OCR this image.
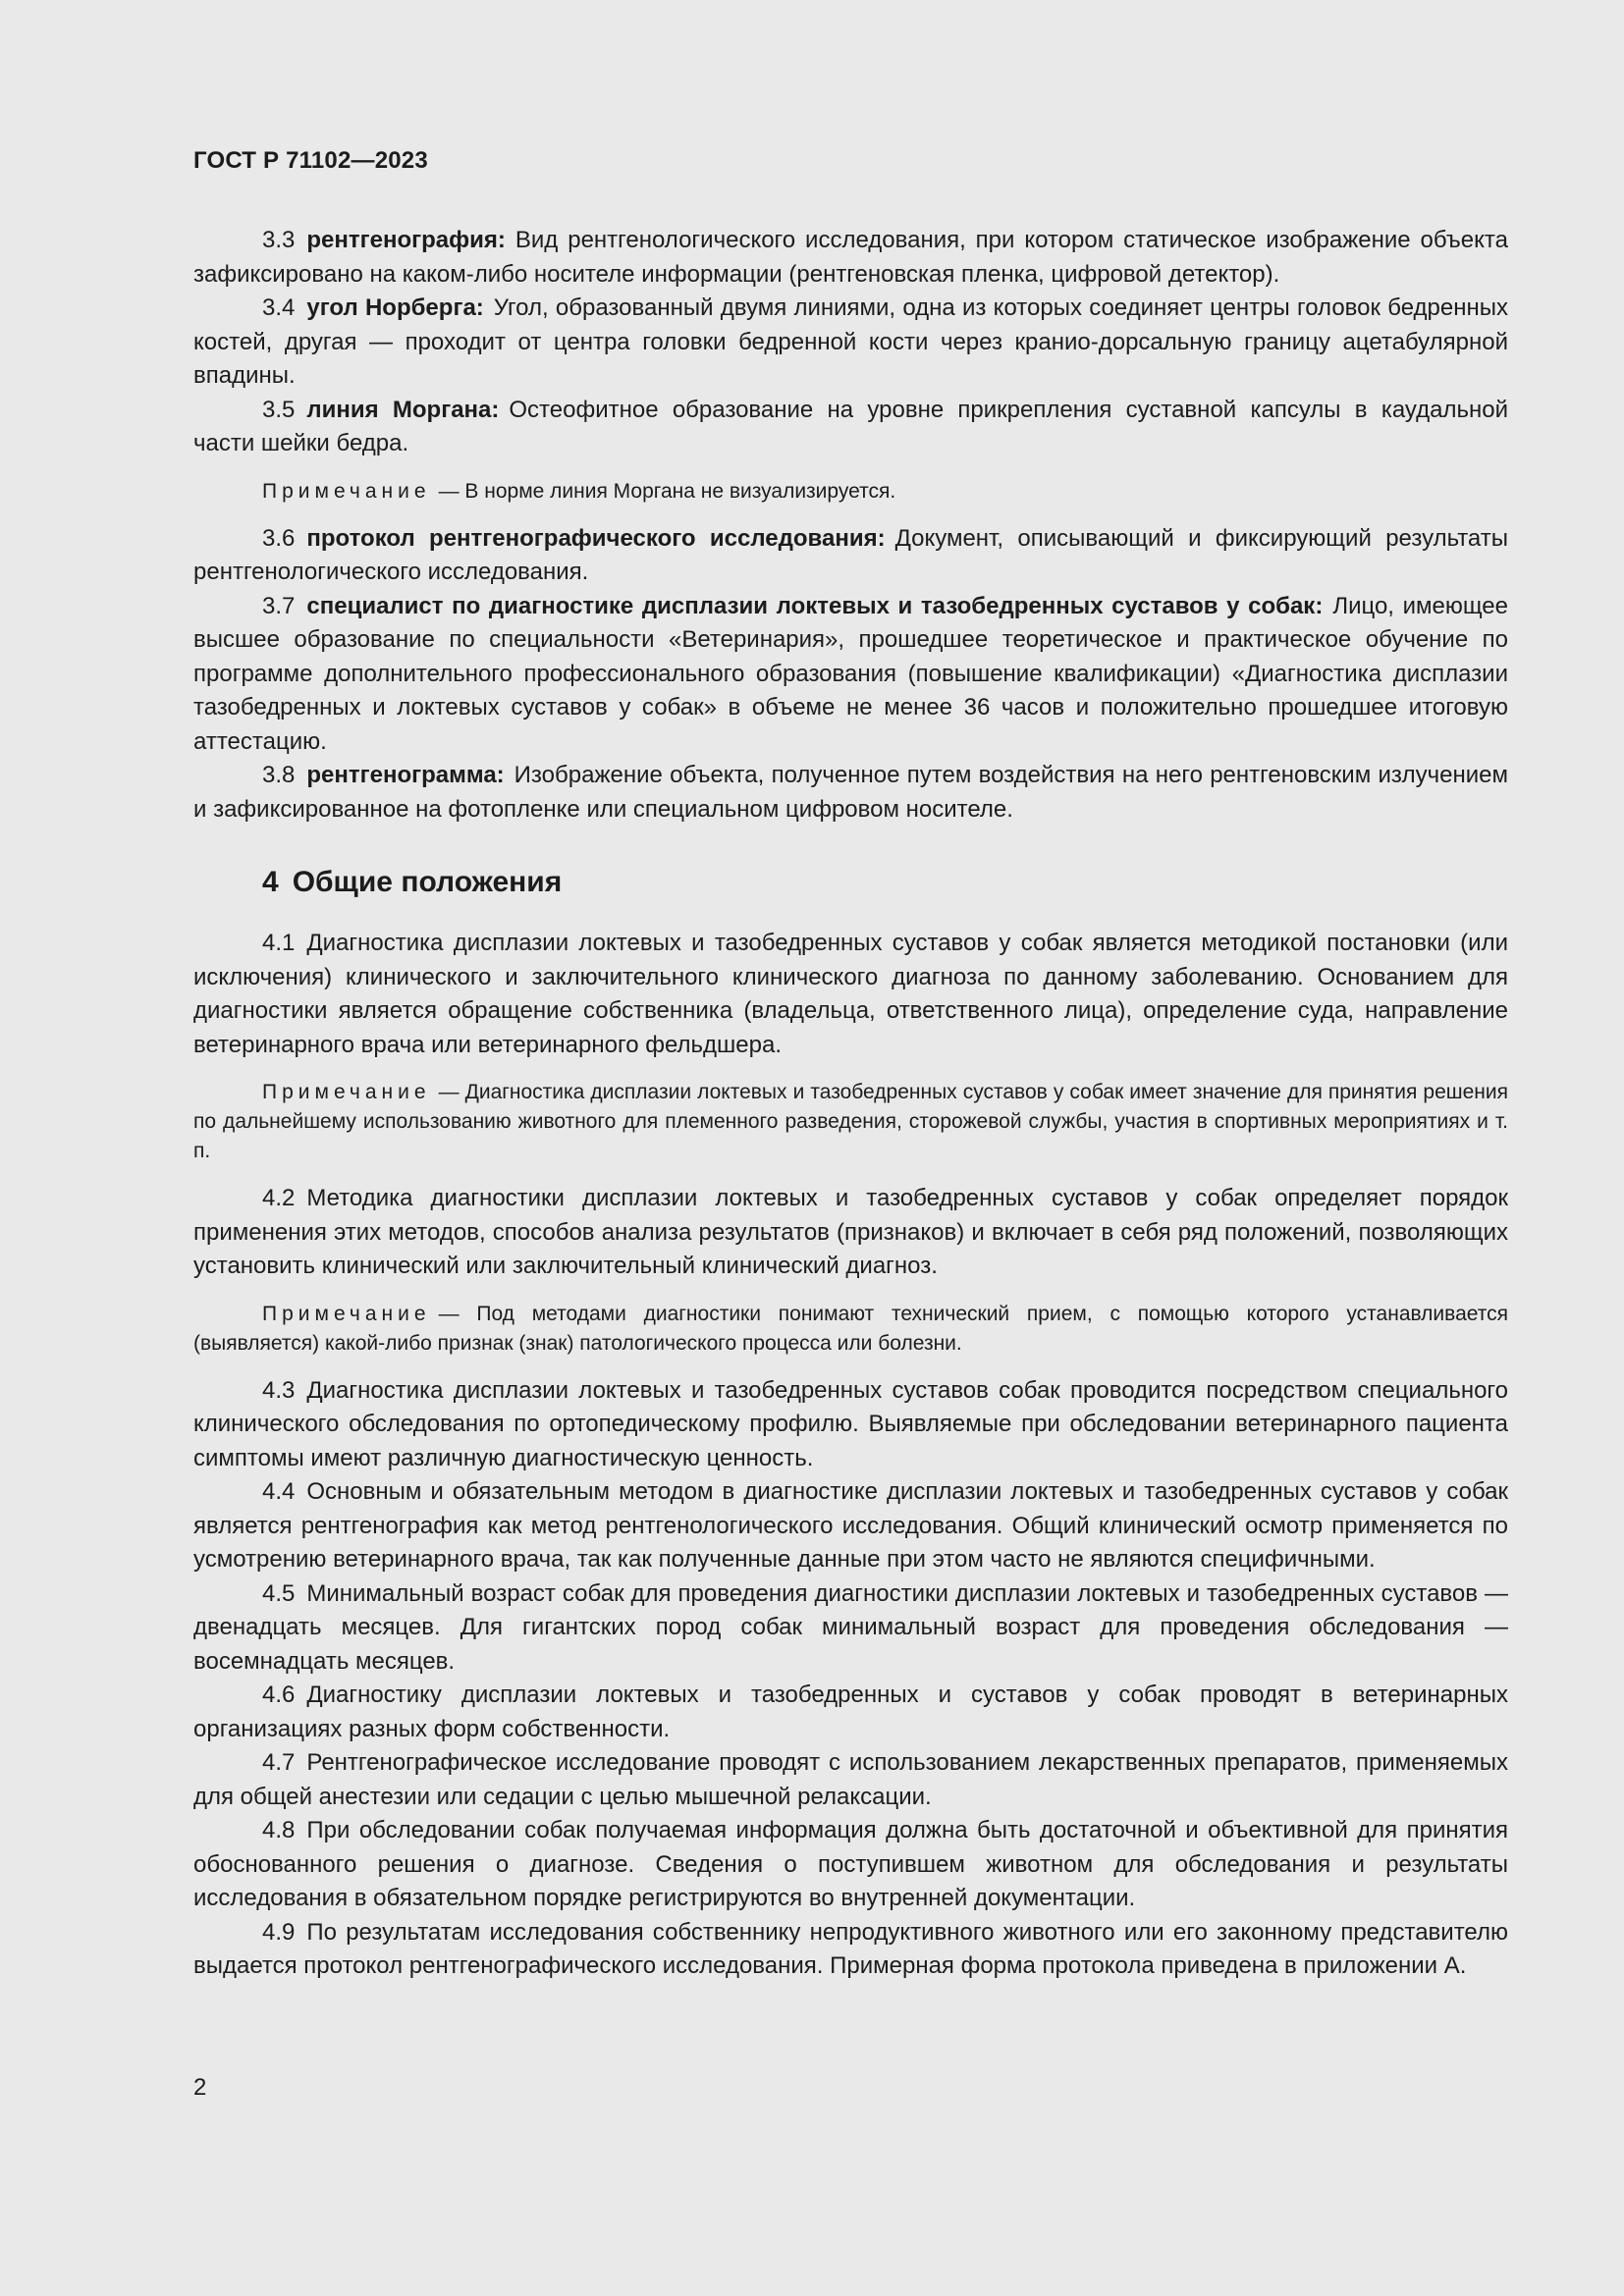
ГОСТ Р 71102—2023

3.3 рентгенография: Вид рентгенологического исследования, при котором статическое изображение объекта зафиксировано на каком-либо носителе информации (рентгеновская пленка, цифровой детектор).

3.4 угол Норберга: Угол, образованный двумя линиями, одна из которых соединяет центры головок бедренных костей, другая — проходит от центра головки бедренной кости через кранио-дорсальную границу ацетабулярной впадины.

3.5 линия Моргана: Остеофитное образование на уровне прикрепления суставной капсулы в каудальной части шейки бедра.

Примечание — В норме линия Моргана не визуализируется.

3.6 протокол рентгенографического исследования: Документ, описывающий и фиксирующий результаты рентгенологического исследования.

3.7 специалист по диагностике дисплазии локтевых и тазобедренных суставов у собак: Лицо, имеющее высшее образование по специальности «Ветеринария», прошедшее теоретическое и практическое обучение по программе дополнительного профессионального образования (повышение квалификации) «Диагностика дисплазии тазобедренных и локтевых суставов у собак» в объеме не менее 36 часов и положительно прошедшее итоговую аттестацию.

3.8 рентгенограмма: Изображение объекта, полученное путем воздействия на него рентгеновским излучением и зафиксированное на фотопленке или специальном цифровом носителе.

4 Общие положения

4.1 Диагностика дисплазии локтевых и тазобедренных суставов у собак является методикой постановки (или исключения) клинического и заключительного клинического диагноза по данному заболеванию. Основанием для диагностики является обращение собственника (владельца, ответственного лица), определение суда, направление ветеринарного врача или ветеринарного фельдшера.

Примечание — Диагностика дисплазии локтевых и тазобедренных суставов у собак имеет значение для принятия решения по дальнейшему использованию животного для племенного разведения, сторожевой службы, участия в спортивных мероприятиях и т. п.

4.2 Методика диагностики дисплазии локтевых и тазобедренных суставов у собак определяет порядок применения этих методов, способов анализа результатов (признаков) и включает в себя ряд положений, позволяющих установить клинический или заключительный клинический диагноз.

Примечание — Под методами диагностики понимают технический прием, с помощью которого устанавливается (выявляется) какой-либо признак (знак) патологического процесса или болезни.

4.3 Диагностика дисплазии локтевых и тазобедренных суставов собак проводится посредством специального клинического обследования по ортопедическому профилю. Выявляемые при обследовании ветеринарного пациента симптомы имеют различную диагностическую ценность.

4.4 Основным и обязательным методом в диагностике дисплазии локтевых и тазобедренных суставов у собак является рентгенография как метод рентгенологического исследования. Общий клинический осмотр применяется по усмотрению ветеринарного врача, так как полученные данные при этом часто не являются специфичными.

4.5 Минимальный возраст собак для проведения диагностики дисплазии локтевых и тазобедренных суставов — двенадцать месяцев. Для гигантских пород собак минимальный возраст для проведения обследования — восемнадцать месяцев.

4.6 Диагностику дисплазии локтевых и тазобедренных и суставов у собак проводят в ветеринарных организациях разных форм собственности.

4.7 Рентгенографическое исследование проводят с использованием лекарственных препаратов, применяемых для общей анестезии или седации с целью мышечной релаксации.

4.8 При обследовании собак получаемая информация должна быть достаточной и объективной для принятия обоснованного решения о диагнозе. Сведения о поступившем животном для обследования и результаты исследования в обязательном порядке регистрируются во внутренней документации.

4.9 По результатам исследования собственнику непродуктивного животного или его законному представителю выдается протокол рентгенографического исследования. Примерная форма протокола приведена в приложении А.

2
